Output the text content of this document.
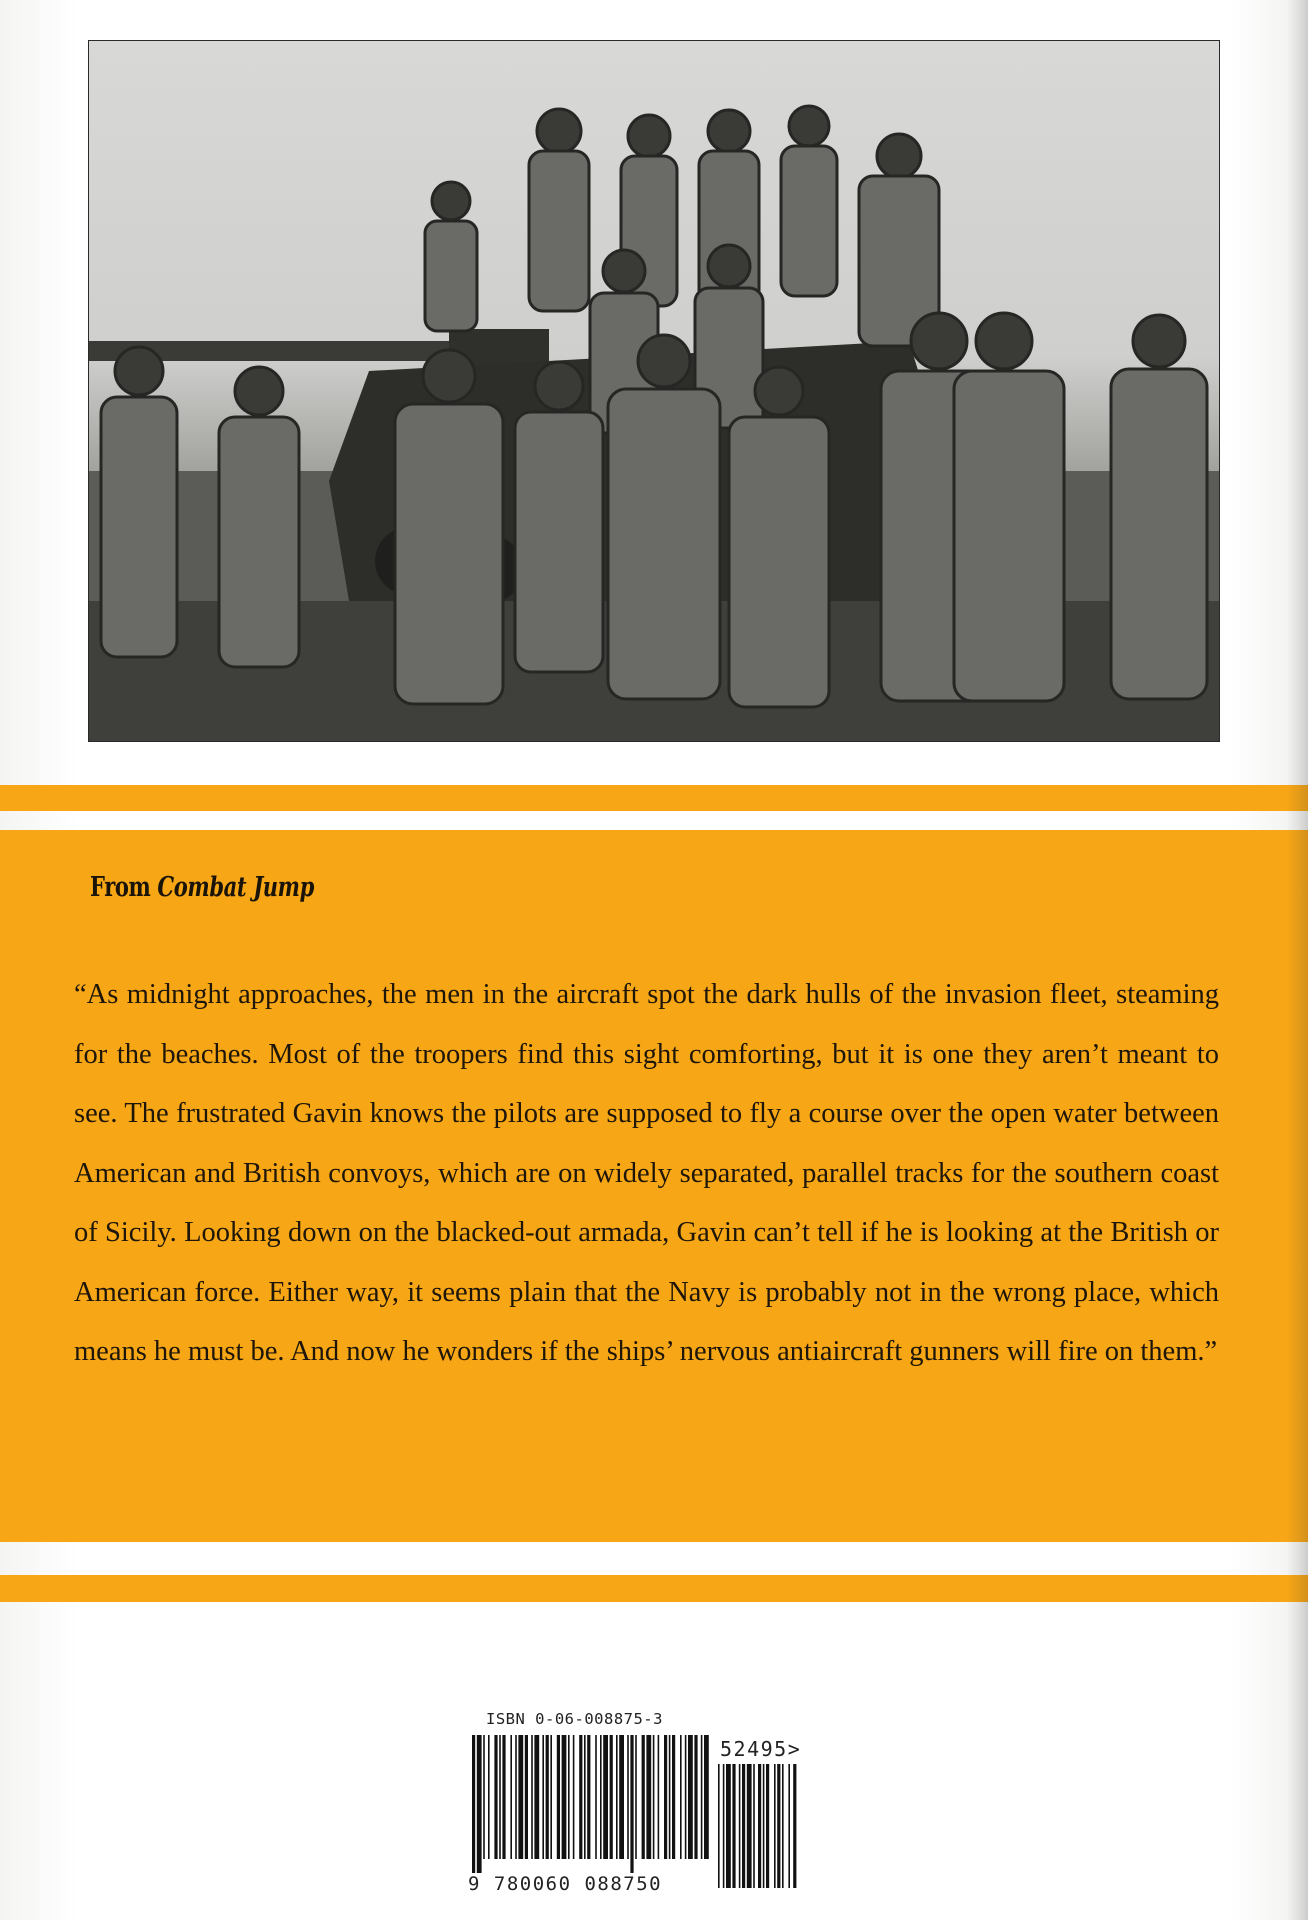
From Combat Jump
“As midnight approaches, the men in the aircraft spot the dark hulls of the invasion fleet, steaming for the beaches. Most of the troopers find this sight comforting, but it is one they aren’t meant to see. The frustrated Gavin knows the pilots are supposed to fly a course over the open water between American and British convoys, which are on widely separated, parallel tracks for the southern coast of Sicily. Looking down on the blacked-out armada, Gavin can’t tell if he is looking at the British or American force. Either way, it seems plain that the Navy is probably not in the wrong place, which means he must be. And now he wonders if the ships’ nervous antiaircraft gunners will fire on them.”
ISBN 0-06-008875-3
9 780060 088750
52495>
